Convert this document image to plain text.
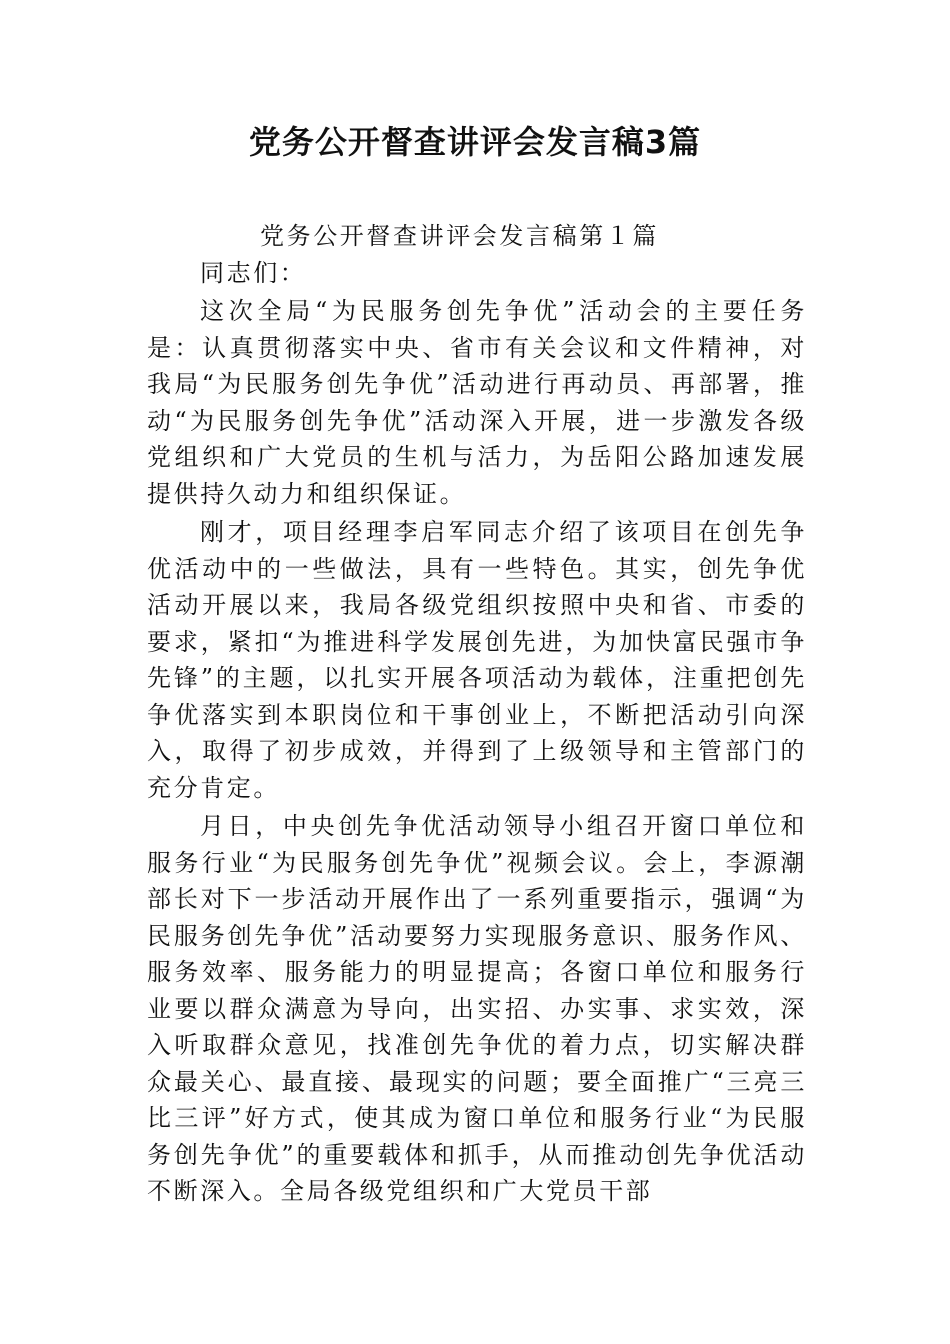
党务公开督查讲评会发言稿3篇
党务公开督查讲评会发言稿第１篇

同志们：

这次全局“为民服务创先争优”活动会的主要任务是：认真贯彻落实中央、省市有关会议和文件精神，对我局“为民服务创先争优”活动进行再动员、再部署，推动“为民服务创先争优”活动深入开展，进一步激发各级党组织和广大党员的生机与活力，为岳阳公路加速发展提供持久动力和组织保证。

刚才，项目经理李启军同志介绍了该项目在创先争优活动中的一些做法，具有一些特色。其实，创先争优活动开展以来，我局各级党组织按照中央和省、市委的要求，紧扣“为推进科学发展创先进，为加快富民强市争先锋”的主题，以扎实开展各项活动为载体，注重把创先争优落实到本职岗位和干事创业上，不断把活动引向深入，取得了初步成效，并得到了上级领导和主管部门的充分肯定。

月日，中央创先争优活动领导小组召开窗口单位和服务行业“为民服务创先争优”视频会议。会上，李源潮部长对下一步活动开展作出了一系列重要指示，强调“为民服务创先争优”活动要努力实现服务意识、服务作风、服务效率、服务能力的明显提高；各窗口单位和服务行业要以群众满意为导向，出实招、办实事、求实效，深入听取群众意见，找准创先争优的着力点，切实解决群众最关心、最直接、最现实的问题；要全面推广“三亮三比三评”好方式，使其成为窗口单位和服务行业“为民服务创先争优”的重要载体和抓手，从而推动创先争优活动不断深入。全局各级党组织和广大党员干部
